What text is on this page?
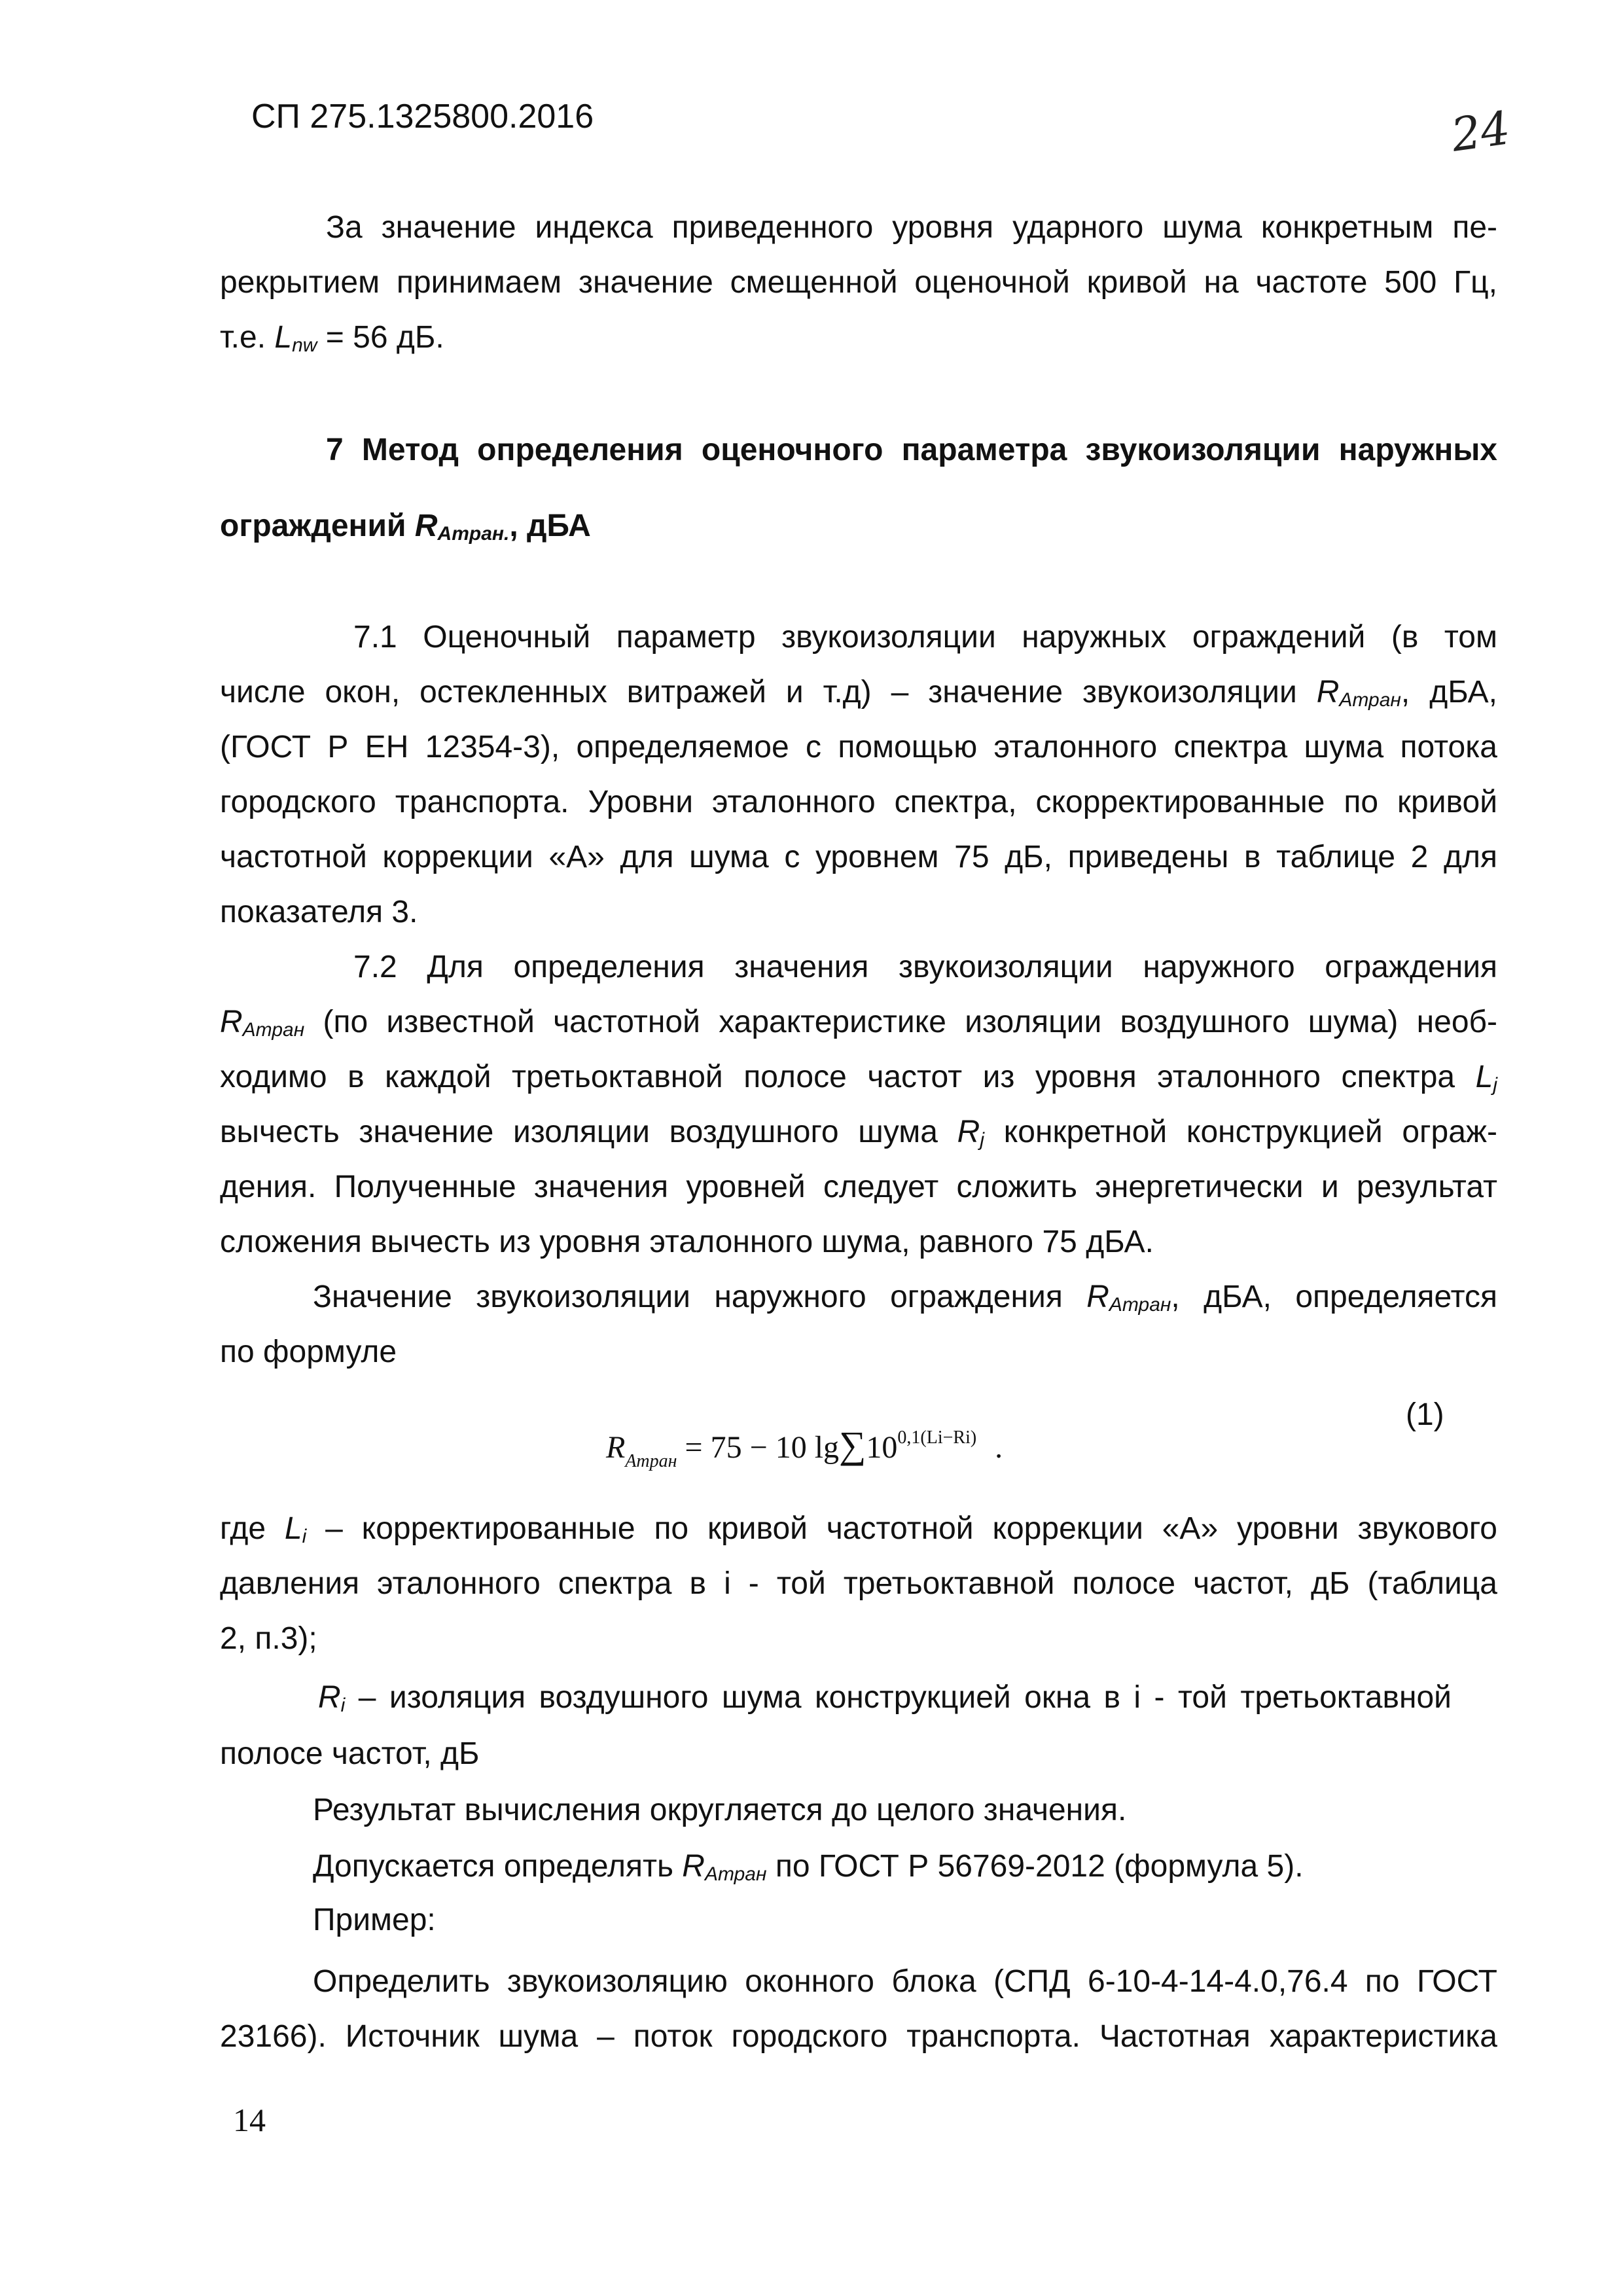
СП 275.1325800.2016	24
За значение индекса приведенного уровня ударного шума конкретным пе-
рекрытием принимаем значение смещенной оценочной кривой на частоте 500 Гц,
т.е. $L_{nw} = 56$ дБ.
7 Метод определения оценочного параметра звукоизоляции наружных
ограждений $R_{Aтран.}$, дБА
7.1 Оценочный параметр звукоизоляции наружных ограждений (в том
числе окон, остекленных витражей и т.д) – значение звукоизоляции $R_{Атран}$, дБА,
(ГОСТ Р ЕН 12354-3), определяемое с помощью эталонного спектра шума потока
городского транспорта. Уровни эталонного спектра, скорректированные по кривой
частотной коррекции «А» для шума с уровнем 75 дБ, приведены в таблице 2 для
показателя 3.
7.2 Для определения значения звукоизоляции наружного ограждения
$R_{Атран}$ (по известной частотной характеристике изоляции воздушного шума) необ-
ходимо в каждой третьоктавной полосе частот из уровня эталонного спектра $L_j$
вычесть значение изоляции воздушного шума $R_j$ конкретной конструкцией ограж-
дения. Полученные значения уровней следует сложить энергетически и результат
сложения вычесть из уровня эталонного шума, равного 75 дБА.
Значение звукоизоляции наружного ограждения $R_{Атран}$, дБА, определяется
по формуле
$R_{Атран} = 75 - 10$ $\lg\sum 10^{0,1(Li-Ri)}$ .
(1)
где $L_i$ – корректированные по кривой частотной коррекции «А» уровни звукового
давления эталонного спектра в i - той третьоктавной полосе частот, дБ (таблица
2, п.3);
$R_i$ – изоляция воздушного шума конструкцией окна в i - той третьоктавной
полосе частот, дБ
Результат вычисления округляется до целого значения.
Допускается определять $R_{Атран}$ по ГОСТ Р 56769-2012 (формула 5).
Пример:
Определить звукоизоляцию оконного блока (СПД 6-10-4-14-4.0,76.4 по ГОСТ
23166). Источник шума – поток городского транспорта. Частотная характеристика
14
